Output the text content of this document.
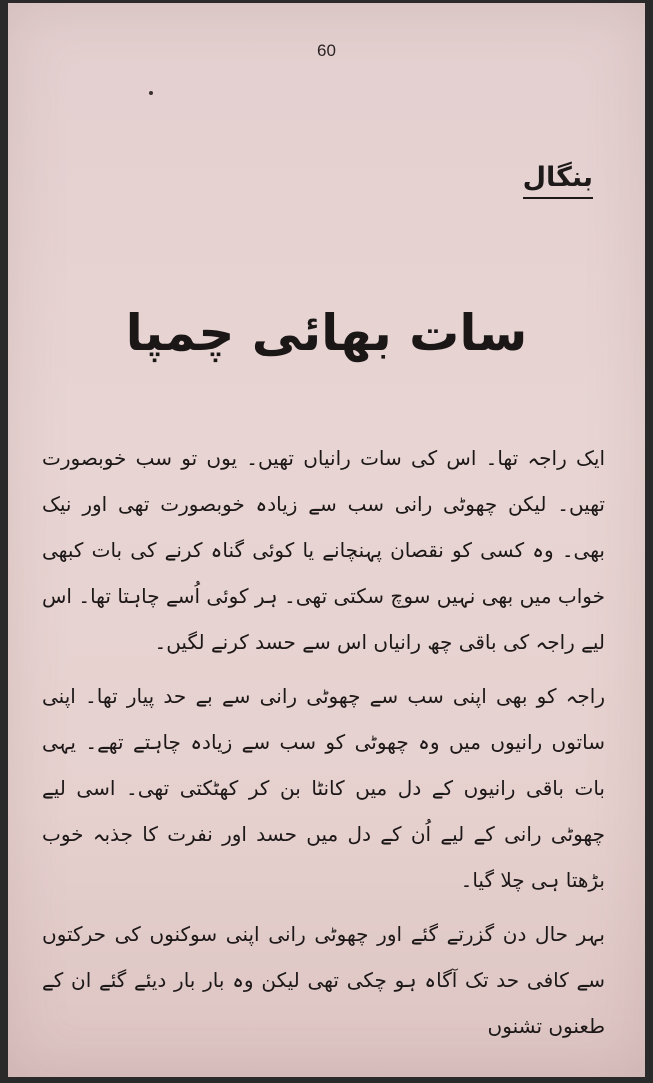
60
بنگال
سات بھائی چمپا

ایک راجہ تھا۔ اس کی سات رانیاں تھیں۔ یوں تو سب خوبصورت تھیں۔ لیکن چھوٹی رانی سب سے زیادہ خوبصورت تھی اور نیک بھی۔ وہ کسی کو نقصان پہنچانے یا کوئی گناہ کرنے کی بات کبھی خواب میں بھی نہیں سوچ سکتی تھی۔ ہر کوئی اُسے چاہتا تھا۔ اس لیے راجہ کی باقی چھ رانیاں اس سے حسد کرنے لگیں۔

راجہ کو بھی اپنی سب سے چھوٹی رانی سے بے حد پیار تھا۔ اپنی ساتوں رانیوں میں وہ چھوٹی کو سب سے زیادہ چاہتے تھے۔ یہی بات باقی رانیوں کے دل میں کانٹا بن کر کھٹکتی تھی۔ اسی لیے چھوٹی رانی کے لیے اُن کے دل میں حسد اور نفرت کا جذبہ خوب بڑھتا ہی چلا گیا۔

بہر حال دن گزرتے گئے اور چھوٹی رانی اپنی سوکنوں کی حرکتوں سے کافی حد تک آگاہ ہو چکی تھی لیکن وہ بار بار دیئے گئے ان کے طعنوں تشنوں
